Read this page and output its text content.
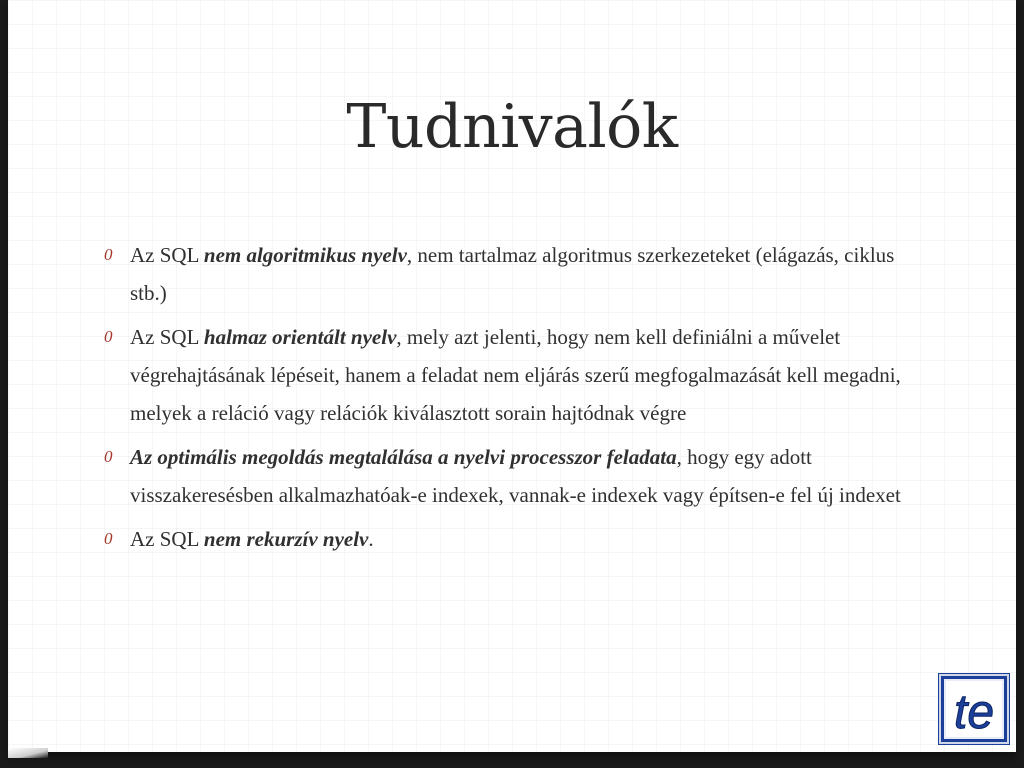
Tudnivalók
0 Az SQL nem algoritmikus nyelv, nem tartalmaz algoritmus szerkezeteket (elágazás, ciklus stb.)
0 Az SQL halmaz orientált nyelv, mely azt jelenti, hogy nem kell definiálni a művelet végrehajtásának lépéseit, hanem a feladat nem eljárás szerű megfogalmazását kell megadni, melyek a reláció vagy relációk kiválasztott sorain hajtódnak végre
0 Az optimális megoldás megtalálása a nyelvi processzor feladata, hogy egy adott visszakeresésben alkalmazhatóak-e indexek, vannak-e indexek vagy építsen-e fel új indexet
0 Az SQL nem rekurzív nyelv.
te
